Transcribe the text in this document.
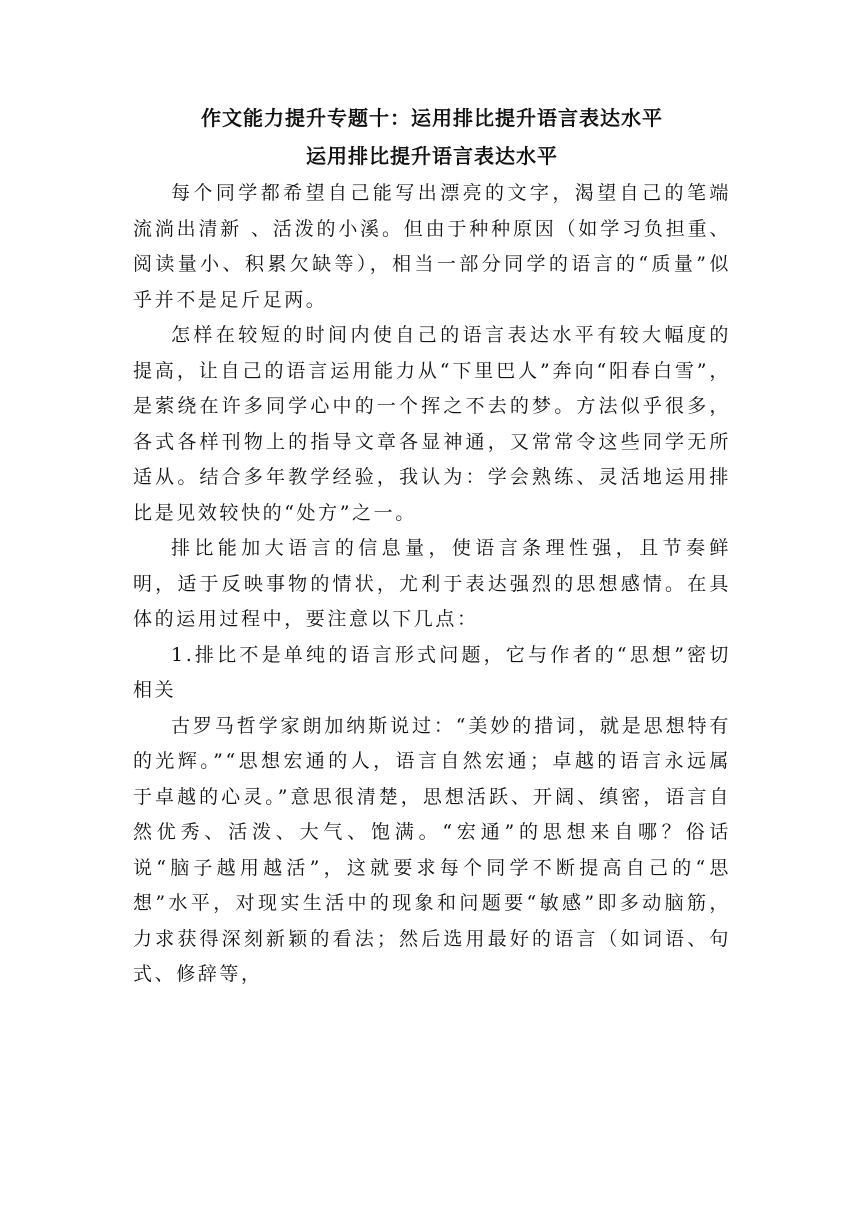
作文能力提升专题十：运用排比提升语言表达水平
运用排比提升语言表达水平

每个同学都希望自己能写出漂亮的文字，渴望自己的笔端流淌出清新 、活泼的小溪。但由于种种原因（如学习负担重、阅读量小、积累欠缺等），相当一部分同学的语言的“质量”似乎并不是足斤足两。

怎样在较短的时间内使自己的语言表达水平有较大幅度的提高，让自己的语言运用能力从“下里巴人”奔向“阳春白雪”，是萦绕在许多同学心中的一个挥之不去的梦。方法似乎很多，各式各样刊物上的指导文章各显神通，又常常令这些同学无所适从。结合多年教学经验，我认为：学会熟练、灵活地运用排比是见效较快的“处方”之一。

排比能加大语言的信息量，使语言条理性强，且节奏鲜明，适于反映事物的情状，尤利于表达强烈的思想感情。在具体的运用过程中，要注意以下几点：

1.排比不是单纯的语言形式问题，它与作者的“思想”密切相关

古罗马哲学家朗加纳斯说过：“美妙的措词，就是思想特有的光辉。”“思想宏通的人，语言自然宏通；卓越的语言永远属于卓越的心灵。”意思很清楚，思想活跃、开阔、缜密，语言自然优秀、活泼、大气、饱满。“宏通”的思想来自哪？俗话说“脑子越用越活”，这就要求每个同学不断提高自己的“思想”水平，对现实生活中的现象和问题要“敏感”即多动脑筋，力求获得深刻新颖的看法；然后选用最好的语言（如词语、句式、修辞等，
